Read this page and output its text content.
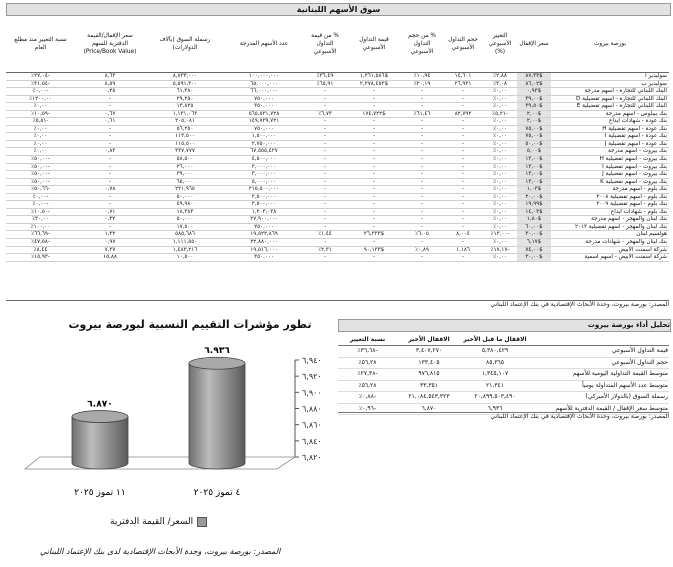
سوق الأسهم اللبنانية
بورصة بيروت	سعر الإقفال	التغيير الأسبوعي (%)	حجم التداول الأسبوعي	% من حجم التداول الأسبوعي	قيمة التداول الأسبوعي	% من قيمة التداول الأسبوعي	عدد الأسهم المدرجة	رسملة السوق (بآلاف الدولارات)	سعر الإقفال/القيمة الدفترية للسهم (Price/Book Value)	نسبة التغيير منذ مطلع العام
سوليدير أ	$٨٧,٣٣	٢,٨٨٪	١٤,٦٠١	١٠,٩٤٪	$١,٢٦١,٥٨٦	٣٦,٤٩٪	١٠٠,٠٠٠,٠٠٠	٨,٧٣٣,٠٠٠	٨,٦٣	-٢٧,٠٤٪
سوليدير ب	$٨٦,٠٢	٣,٠٨٪	٢٦,٩٣١	٢٠,١٩٪	$٢,٢٧٨,٤٥٣	٦٥,٩١٪	٦٥,٠٠٠,٠٠٠	٥,٥٩١,٣٠٠	٨,٥٩	-٣١,٥٤٪
البنك اللبناني للتجارة - أسهم مدرجة	$٠,٩٣	٠,٠٠٪	-	-	-	-	٦٦,٠٠٠,٠٠٠	٦١,٣٨٠	٠,٢٥	-٠,٠٠٪
البنك اللبناني للتجارة - أسهم تفضيلية D	$٣٩,٠٠	٠,٠٠٪	-	-	-	-	٧٥٠,٠٠٠	٢٩,٢٥٠	-	١٢٠٠,٠٠٪
البنك اللبناني للتجارة - أسهم تفضيلية E	$٣٩,٥٠	٠,٠٠٪	-	-	-	-	٣٥٠,٠٠٠	١٣,٨٢٥	-	٠,٠٠٪
بنك بيبلوس - أسهم مدرجة	$٢,٠٠	-٥,٢١٪	٨٢,٧٩٢	٦١,٤٦٪	$١٧٤,٧٢٢	٦,٧٣٪	٥٦٥,٥٣١,٧٢٨	١,١٣١,٠٦٣	٠,٦٧	-١٠,٥٩٪
بنك عودة - شهادات ايداع	$٢,٠٠	٠,٠٠٪	-	-	-	-	١٤٩,٧٣٩,٧٢١	٢٠٥,٠٨١	٠,٦١	-٥,٥١٪
بنك عودة - أسهم تفضيلية H	$٧٥,٠٠	٠,٠٠٪	-	-	-	-	٧٥٠,٠٠٠	٥٦,٢٥٠	-	٠,٠٠٪
بنك عودة - أسهم تفضيلية I	$٧٥,٠٠	٠,٠٠٪	-	-	-	-	١,٥٠٠,٠٠٠	١١٢,٥٠٠	-	٠,٠٠٪
بنك عودة - أسهم تفضيلية J	$٥٠,٠٠	٠,٠٠٪	-	-	-	-	٢,٧٥٠,٠٠٠	١١٥,٥٠٠	-	٠,٠٠٪
بنك بيروت - أسهم مدرجة	$٥,٠٠	٠,٠٠٪	-	-	-	-	٦٧,٥٥٥,٤٢٧	٣٣٧,٧٧٧	٠,٨٣	٠,٠٠٪
بنك بيروت - أسهم تفضيلية H	$١٣,٠٠	٠,٠٠٪	-	-	-	-	٤,٥٠٠,٠٠٠	٥٨,٥٠٠	-	-٥٠,٠٠٪
بنك بيروت - أسهم تفضيلية I	$١٣,٠٠	٠,٠٠٪	-	-	-	-	٢,٠٠٠,٠٠٠	٢٦,٠٠٠	-	-٥٠,٠٠٪
بنك بيروت - أسهم تفضيلية J	$١٣,٠٠	٠,٠٠٪	-	-	-	-	٣,٠٠٠,٠٠٠	٣٩,٠٠٠	-	-٥٠,٠٠٪
بنك بيروت - أسهم تفضيلية K	$١٣,٠٠	٠,٠٠٪	-	-	-	-	٥,٠٠٠,٠٠٠	٦٥,٠٠٠	-	-٥٠,٠٠٪
بنك بلوم - أسهم مدرجة	$١,٠٣	٠,٠٠٪	-	-	-	-	٢١٥,٥٠٠,٠٠٠	٢٢١,٩٦٥	٠,٧٨	-٥٠,٦٦٪
بنك بلوم - أسهم تفضيلية ٢٠٠٨	$٢٠,٠٠	٠,٠٠٪	-	-	-	-	٢,٥٠٠,٠٠٠	٥٠,٠٠٠	-	-٠,٠٠٪
بنك بلوم - أسهم تفضيلية ٢٠٠٩	$١٩,٩٩	٠,٠٠٪	-	-	-	-	٢,٥٠٠,٠٠٠	٤٩,٩٨٠	-	-٠,٠٠٪
بنك بلوم - شهادات ايداع	$١٤,٠٣	٠,٠٠٪	-	-	-	-	١,٢٠٣,٠٣٨	١٨,٣٨٣	٠,٧١	-١٠,٥٠٪
بنك لبنان والمهجر - أسهم مدرجة	$١,٨٠	٠,٠٠٪	-	-	-	-	٢٧,٩٠٠,٠٠٠	٥٠,٠٠٠	٠,٣٢	٣٠,٠٠٪
بنك لبنان والمهجر - أسهم تفضيلية ٢٠١٣	$٦٠,٠٠	٠,٠٠٪	-	-	-	-	٢٥٠,٠٠٠	١٧,٥٠٠	-	١٠٠,٠٠٪
هولسيم لبنان	$٣٠,٠٠	-١٣,٠٠٪	٨,٠٠٤	٦,٠٥٪	$٢٦,٣٣٣	١,٤٤٪	١٩,٥٢٢,٨٦٩	٥٨٥,٦٨٦	١,٣٢	-٦٦,٦٩٪
بنك لبنان والمهجر - شهادات مدرجة	$٦,١٧	٠,٠٠٪	-	-	-	-	٢٢,٨٨٠,٠٠٠	١,١١١,٥٥٠	٠,٩٧	-٤٧,٥٨٪
شركة اسمنت الأبيض	$٧٤,٠٠	-١٧,١٧٪	١,١٨٦	٠,٨٩٪	$٩٠,١٣٣	٢,٣١٪	١٩,٥١٦,٠٠٠	١,٤٨٣,٢١٦	٧,٣٧	٨,٤٤٪
شركة اسمنت الأبيض - اسهم اسمية	$٣٠,٠٠	٠,٠٠٪	-	-	-	-	٣٥٠,٠٠٠	١٠,٥٠٠	١٥,٨٨	-١٥,٩٣٪
المصدر: بورصة بيروت، وحدة الأبحاث الإقتصادية في بنك الإعتماد اللبناني
تحليل أداء بورصة بيروت
	الاقفال ما قبل الأخير	الاقفال الأخير	نسبة التغيير
قيمة التداول الأسبوعي	٥,٣٨٠,٤٢٩	٣,٤٠٧,٢٧٠	-٣٦,٦٨٪
حجم التداول الأسبوعي	٨٥,٣٦٥	١٣٣,٤٠٥	٥٦,٢٨٪
متوسط القيمة التداولية اليومية للأسهم	١,٣٤٥,١٠٧	٩٧٦,٨١٥	-٢٧,٣٨٪
متوسط عدد الأسهم المتداولة يومياً	٢١,٣٤١	٣٣,٣٥١	٥٦,٢٨٪
رسملة السوق (بالدولار الأميركي)	٢٠,٨٩٩,٥٠٣,٤٩٠	٢١,٠٨٤,٥٤٣,٣٢٣	-٠,٨٨٪
متوسط سعر الإقفال / القيمة الدفترية للأسهم	٦,٩٣٦	٦,٨٧٠	-٠,٩٦٪
المصدر: بورصة بيروت، وحدة الأبحاث الإقتصادية في بنك الإعتماد اللبناني
تطور مؤشرات التقييم النسبية لبورصة بيروت
٦,٨٢٠
٦,٨٤٠
٦,٨٦٠
٦,٨٨٠
٦,٩٠٠
٦,٩٢٠
٦,٩٤٠
٦.٩٣٦
٤ تموز ٢٠٢٥
٦.٨٧٠
١١ تموز ٢٠٢٥
السعر/ القيمة الدفترية
المصدر: بورصة بيروت، وحدة الأبحاث الإقتصادية لدى بنك الإعتماد اللبناني
